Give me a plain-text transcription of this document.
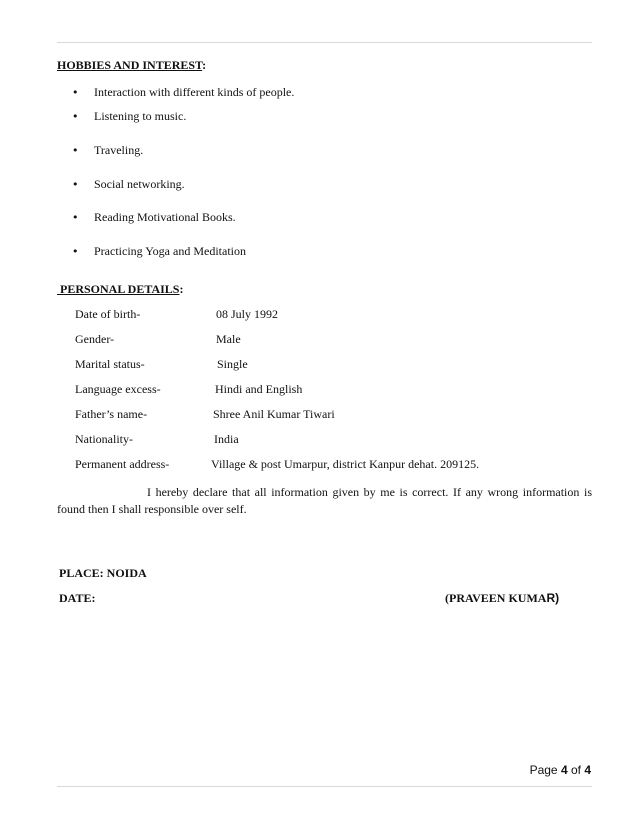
HOBBIES AND INTEREST:
• Interaction with different kinds of people.
• Listening to music.
• Traveling.
• Social networking.
• Reading Motivational Books.
• Practicing Yoga and Meditation
PERSONAL DETAILS:
Date of birth-	08 July 1992
Gender-	Male
Marital status-	Single
Language excess-	Hindi and English
Father’s name-	Shree Anil Kumar Tiwari
Nationality-	India
Permanent address-	Village & post Umarpur, district Kanpur dehat. 209125.
I hereby declare that all information given by me is correct. If any wrong information is found then I shall responsible over self.
PLACE: NOIDA
DATE:	(PRAVEEN KUMAR)
Page 4 of 4
